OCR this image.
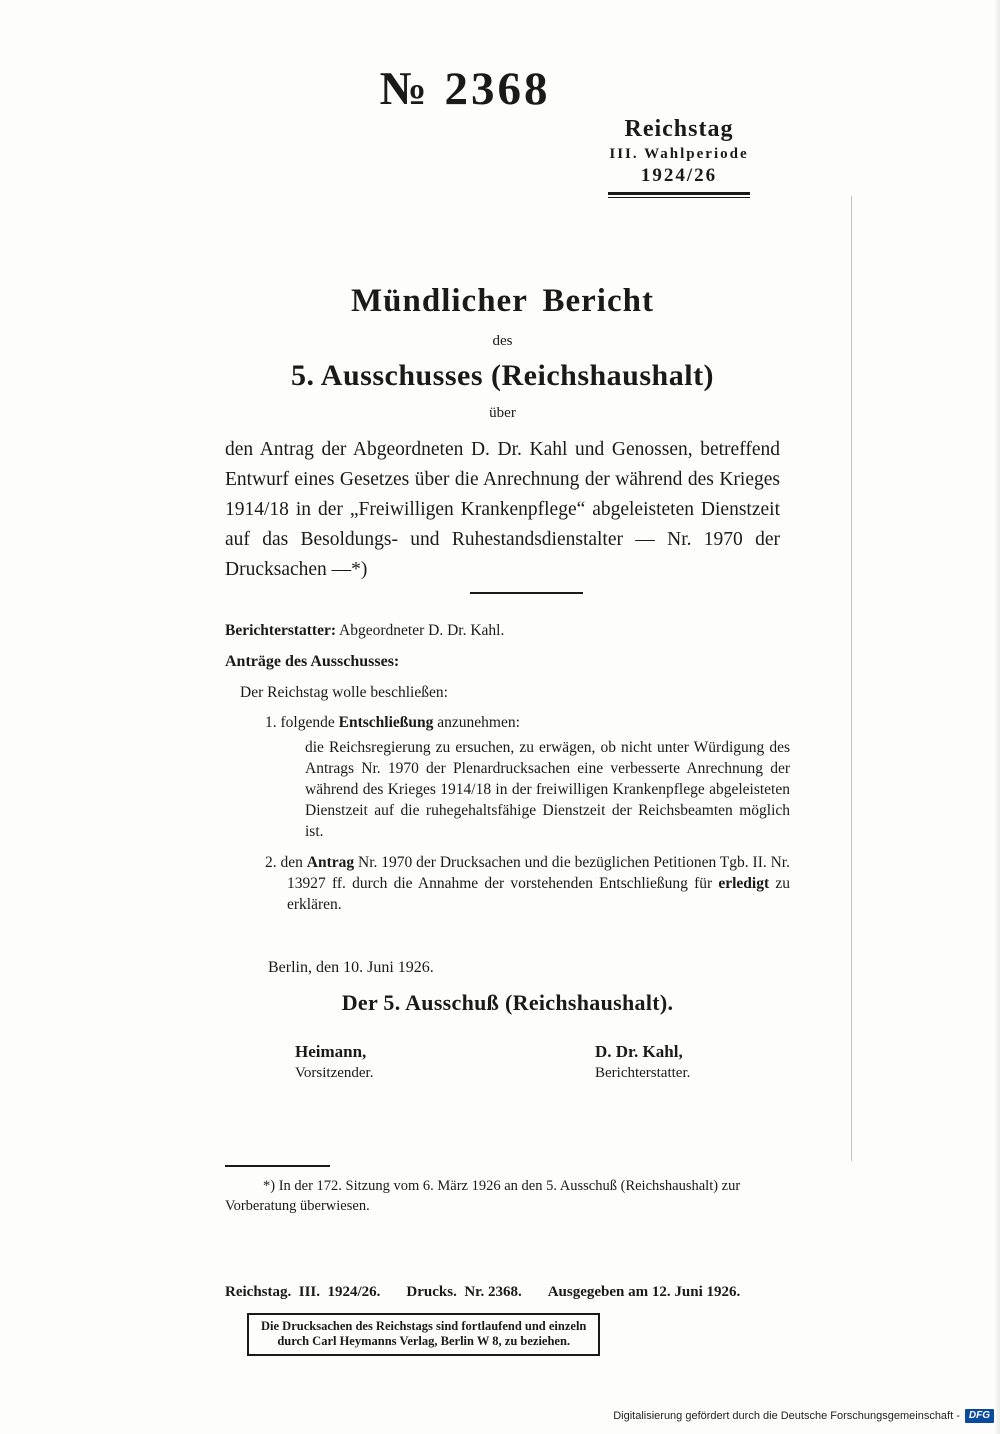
№ 2368
Reichstag
III. Wahlperiode
1924/26
Mündlicher Bericht
des
5. Ausschusses (Reichshaushalt)
über

den Antrag der Abgeordneten D. Dr. Kahl und Genossen, betreffend Entwurf eines Gesetzes über die Anrechnung der während des Krieges 1914/18 in der „Freiwilligen Krankenpflege“ abgeleisteten Dienstzeit auf das Besoldungs- und Ruhestandsdienstalter — Nr. 1970 der Drucksachen —*)

Berichterstatter: Abgeordneter D. Dr. Kahl.

Anträge des Ausschusses:

Der Reichstag wolle beschließen:

1. folgende Entschließung anzunehmen:

die Reichsregierung zu ersuchen, zu erwägen, ob nicht unter Würdigung des Antrags Nr. 1970 der Plenardrucksachen eine verbesserte Anrechnung der während des Krieges 1914/18 in der freiwilligen Krankenpflege abgeleisteten Dienstzeit auf die ruhegehaltsfähige Dienstzeit der Reichsbeamten möglich ist.

2. den Antrag Nr. 1970 der Drucksachen und die bezüglichen Petitionen Tgb. II. Nr. 13927 ff. durch die Annahme der vorstehenden Entschließung für erledigt zu erklären.

Berlin, den 10. Juni 1926.

Der 5. Ausschuß (Reichshaushalt).
Heimann,
Vorsitzender.
D. Dr. Kahl,
Berichterstatter.

*) In der 172. Sitzung vom 6. März 1926 an den 5. Ausschuß (Reichshaushalt) zur Vorberatung überwiesen.

Reichstag.  III.  1924/26. Drucks.  Nr. 2368. Ausgegeben am 12. Juni 1926.
Die Drucksachen des Reichstags sind fortlaufend und einzeln
durch Carl Heymanns Verlag, Berlin W 8, zu beziehen.
Digitalisierung gefördert durch die Deutsche Forschungsgemeinschaft - DFG
